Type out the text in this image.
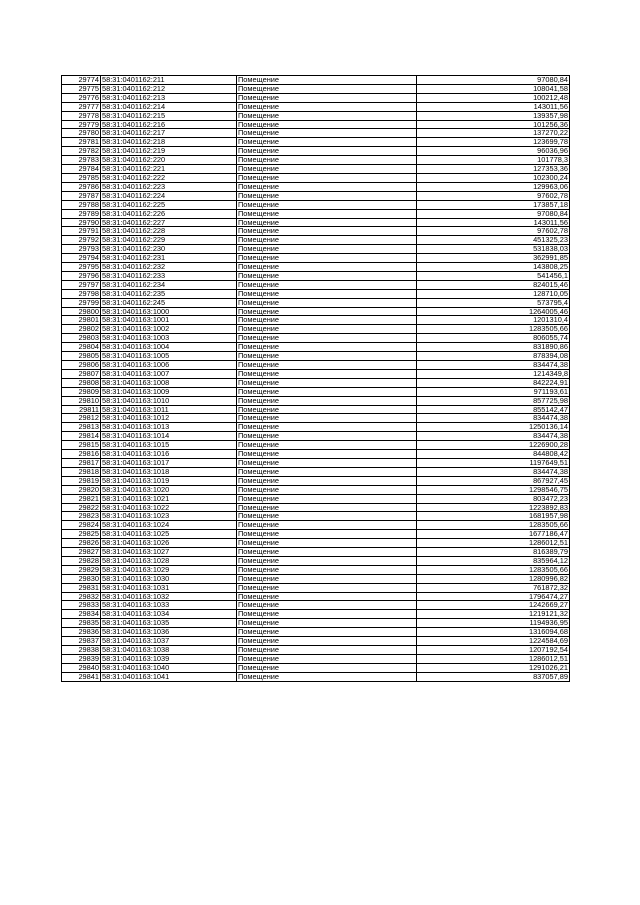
29774	58:31:0401162:211	Помещение	97080,84
29775	58:31:0401162:212	Помещение	108041,58
29776	58:31:0401162:213	Помещение	100212,48
29777	58:31:0401162:214	Помещение	143011,56
29778	58:31:0401162:215	Помещение	139357,98
29779	58:31:0401162:216	Помещение	101256,36
29780	58:31:0401162:217	Помещение	137270,22
29781	58:31:0401162:218	Помещение	123699,78
29782	58:31:0401162:219	Помещение	96036,96
29783	58:31:0401162:220	Помещение	101778,3
29784	58:31:0401162:221	Помещение	127353,36
29785	58:31:0401162:222	Помещение	102300,24
29786	58:31:0401162:223	Помещение	129963,06
29787	58:31:0401162:224	Помещение	97602,78
29788	58:31:0401162:225	Помещение	173857,18
29789	58:31:0401162:226	Помещение	97080,84
29790	58:31:0401162:227	Помещение	143011,56
29791	58:31:0401162:228	Помещение	97602,78
29792	58:31:0401162:229	Помещение	451325,23
29793	58:31:0401162:230	Помещение	531838,03
29794	58:31:0401162:231	Помещение	362991,85
29795	58:31:0401162:232	Помещение	143808,25
29796	58:31:0401162:233	Помещение	541456,1
29797	58:31:0401162:234	Помещение	824015,46
29798	58:31:0401162:235	Помещение	128710,05
29799	58:31:0401162:245	Помещение	573795,4
29800	58:31:0401163:1000	Помещение	1264005,46
29801	58:31:0401163:1001	Помещение	1201310,4
29802	58:31:0401163:1002	Помещение	1283505,66
29803	58:31:0401163:1003	Помещение	806055,74
29804	58:31:0401163:1004	Помещение	831890,86
29805	58:31:0401163:1005	Помещение	878394,08
29806	58:31:0401163:1006	Помещение	834474,38
29807	58:31:0401163:1007	Помещение	1214349,8
29808	58:31:0401163:1008	Помещение	842224,91
29809	58:31:0401163:1009	Помещение	971193,61
29810	58:31:0401163:1010	Помещение	857725,98
29811	58:31:0401163:1011	Помещение	855142,47
29812	58:31:0401163:1012	Помещение	834474,38
29813	58:31:0401163:1013	Помещение	1250136,14
29814	58:31:0401163:1014	Помещение	834474,38
29815	58:31:0401163:1015	Помещение	1226900,28
29816	58:31:0401163:1016	Помещение	844808,42
29817	58:31:0401163:1017	Помещение	1197649,51
29818	58:31:0401163:1018	Помещение	834474,38
29819	58:31:0401163:1019	Помещение	867927,45
29820	58:31:0401163:1020	Помещение	1298546,75
29821	58:31:0401163:1021	Помещение	803472,23
29822	58:31:0401163:1022	Помещение	1223892,83
29823	58:31:0401163:1023	Помещение	1681957,98
29824	58:31:0401163:1024	Помещение	1283505,66
29825	58:31:0401163:1025	Помещение	1677186,47
29826	58:31:0401163:1026	Помещение	1286012,51
29827	58:31:0401163:1027	Помещение	816389,79
29828	58:31:0401163:1028	Помещение	835964,12
29829	58:31:0401163:1029	Помещение	1283505,66
29830	58:31:0401163:1030	Помещение	1280996,82
29831	58:31:0401163:1031	Помещение	761872,32
29832	58:31:0401163:1032	Помещение	1796474,27
29833	58:31:0401163:1033	Помещение	1242669,27
29834	58:31:0401163:1034	Помещение	1219121,32
29835	58:31:0401163:1035	Помещение	1194936,95
29836	58:31:0401163:1036	Помещение	1316094,68
29837	58:31:0401163:1037	Помещение	1224584,69
29838	58:31:0401163:1038	Помещение	1207192,54
29839	58:31:0401163:1039	Помещение	1286012,51
29840	58:31:0401163:1040	Помещение	1291026,21
29841	58:31:0401163:1041	Помещение	837057,89
